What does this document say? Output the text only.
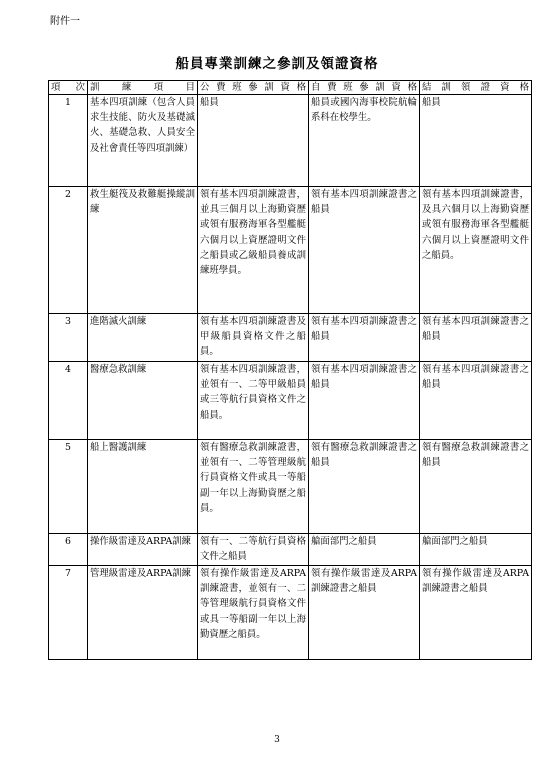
附件一
船員專業訓練之參訓及領證資格
項次	訓 練 項 目	公費班參訓資格	自費班參訓資格	結訓領證資格
1	基本四項訓練（包含人員求生技能、防火及基礎滅火、基礎急救、人員安全及社會責任等四項訓練）	船員	船員或國內海事校院航輪系科在校學生。	船員
2	救生艇筏及救難艇操縱訓練	領有基本四項訓練證書，並具三個月以上海勤資歷或領有服務海軍各型艦艇六個月以上資歷證明文件之船員或乙級船員養成訓練班學員。	領有基本四項訓練證書之船員	領有基本四項訓練證書，及具六個月以上海勤資歷或領有服務海軍各型艦艇六個月以上資歷證明文件之船員。
3	進階滅火訓練	領有基本四項訓練證書及甲級船員資格文件之船員。	領有基本四項訓練證書之船員	領有基本四項訓練證書之船員
4	醫療急救訓練	領有基本四項訓練證書，並領有一、二等甲級船員或三等航行員資格文件之船員。	領有基本四項訓練證書之船員	領有基本四項訓練證書之船員
5	船上醫護訓練	領有醫療急救訓練證書，並領有一、二等管理級航行員資格文件或具一等船副一年以上海勤資歷之船員。	領有醫療急救訓練證書之船員	領有醫療急救訓練證書之船員
6	操作級雷達及ARPA訓練	領有一、二等航行員資格文件之船員	艙面部門之船員	艙面部門之船員
7	管理級雷達及ARPA訓練	領有操作級雷達及ARPA訓練證書，並領有一、二等管理級航行員資格文件或具一等船副一年以上海勤資歷之船員。	領有操作級雷達及ARPA訓練證書之船員	領有操作級雷達及ARPA訓練證書之船員
3
